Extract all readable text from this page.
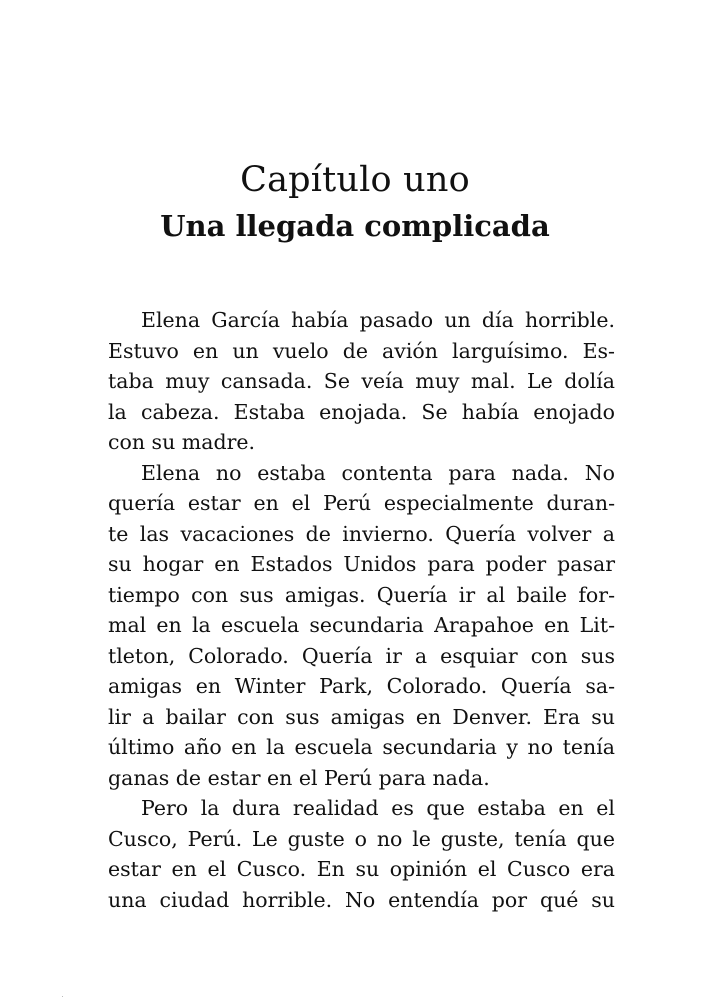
Capítulo uno
Una llegada complicada

Elena García había pasado un día horrible.
Estuvo en un vuelo de avión larguísimo. Es-
taba muy cansada. Se veía muy mal. Le dolía
la cabeza. Estaba enojada. Se había enojado
con su madre.

Elena no estaba contenta para nada. No
quería estar en el Perú especialmente duran-
te las vacaciones de invierno. Quería volver a
su hogar en Estados Unidos para poder pasar
tiempo con sus amigas. Quería ir al baile for-
mal en la escuela secundaria Arapahoe en Lit-
tleton, Colorado. Quería ir a esquiar con sus
amigas en Winter Park, Colorado. Quería sa-
lir a bailar con sus amigas en Denver. Era su
último año en la escuela secundaria y no tenía
ganas de estar en el Perú para nada.

Pero la dura realidad es que estaba en el
Cusco, Perú. Le guste o no le guste, tenía que
estar en el Cusco. En su opinión el Cusco era
una ciudad horrible. No entendía por qué su
